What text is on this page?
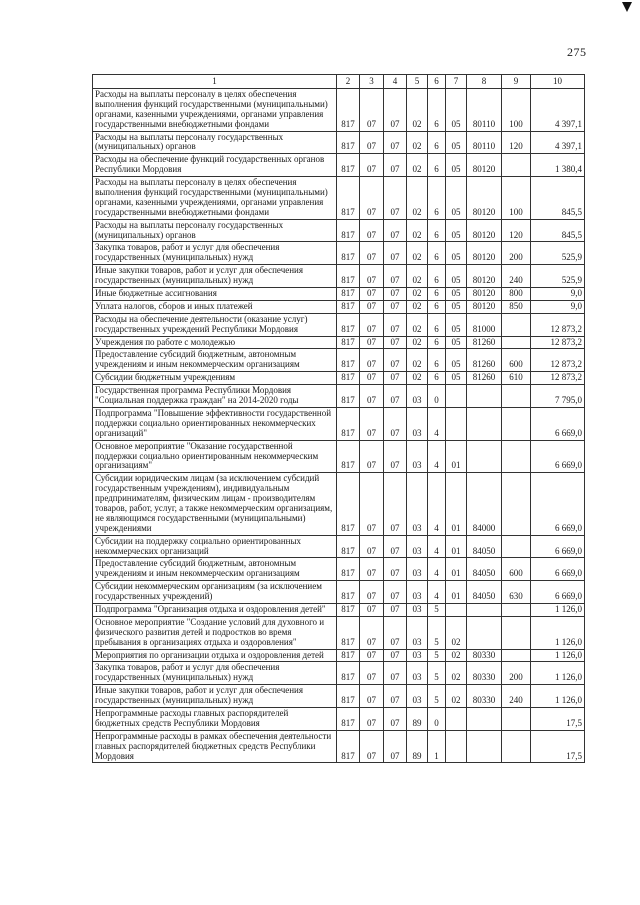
275
1	2	3	4	5	6	7	8	9	10
Расходы на выплаты персоналу в целях обеспечения выполнения функций государственными (муниципальными) органами, казенными учреждениями, органами управления государственными внебюджетными фондами	817	07	07	02	6	05	80110	100	4 397,1
Расходы на выплаты персоналу государственных (муниципальных) органов	817	07	07	02	6	05	80110	120	4 397,1
Расходы на обеспечение функций государственных органов Республики Мордовия	817	07	07	02	6	05	80120		1 380,4
Расходы на выплаты персоналу в целях обеспечения выполнения функций государственными (муниципальными) органами, казенными учреждениями, органами управления государственными внебюджетными фондами	817	07	07	02	6	05	80120	100	845,5
Расходы на выплаты персоналу государственных (муниципальных) органов	817	07	07	02	6	05	80120	120	845,5
Закупка товаров, работ и услуг для обеспечения государственных (муниципальных) нужд	817	07	07	02	6	05	80120	200	525,9
Иные закупки товаров, работ и услуг для обеспечения государственных (муниципальных) нужд	817	07	07	02	6	05	80120	240	525,9
Иные бюджетные ассигнования	817	07	07	02	6	05	80120	800	9,0
Уплата налогов, сборов и иных платежей	817	07	07	02	6	05	80120	850	9,0
Расходы на обеспечение деятельности (оказание услуг) государственных учреждений Республики Мордовия	817	07	07	02	6	05	81000		12 873,2
Учреждения по работе с молодежью	817	07	07	02	6	05	81260		12 873,2
Предоставление субсидий бюджетным, автономным учреждениям и иным некоммерческим организациям	817	07	07	02	6	05	81260	600	12 873,2
Субсидии бюджетным учреждениям	817	07	07	02	6	05	81260	610	12 873,2
Государственная программа Республики Мордовия "Социальная поддержка граждан" на 2014-2020 годы	817	07	07	03	0				7 795,0
Подпрограмма "Повышение эффективности государственной поддержки социально ориентированных некоммерческих организаций"	817	07	07	03	4				6 669,0
Основное мероприятие "Оказание государственной поддержки социально ориентированным некоммерческим организациям"	817	07	07	03	4	01			6 669,0
Субсидии юридическим лицам (за исключением субсидий государственным учреждениям), индивидуальным предпринимателям, физическим лицам - производителям товаров, работ, услуг, а также некоммерческим организациям, не являющимся государственными (муниципальными) учреждениями	817	07	07	03	4	01	84000		6 669,0
Субсидии на поддержку социально ориентированных некоммерческих организаций	817	07	07	03	4	01	84050		6 669,0
Предоставление субсидий бюджетным, автономным учреждениям и иным некоммерческим организациям	817	07	07	03	4	01	84050	600	6 669,0
Субсидии некоммерческим организациям (за исключением государственных учреждений)	817	07	07	03	4	01	84050	630	6 669,0
Подпрограмма "Организация отдыха и оздоровления детей"	817	07	07	03	5				1 126,0
Основное мероприятие "Создание условий для духовного и физического развития детей и подростков во время пребывания в организациях отдыха и оздоровления"	817	07	07	03	5	02			1 126,0
Мероприятия по организации отдыха и оздоровления детей	817	07	07	03	5	02	80330		1 126,0
Закупка товаров, работ и услуг для обеспечения государственных (муниципальных) нужд	817	07	07	03	5	02	80330	200	1 126,0
Иные закупки товаров, работ и услуг для обеспечения государственных (муниципальных) нужд	817	07	07	03	5	02	80330	240	1 126,0
Непрограммные расходы главных распорядителей бюджетных средств Республики Мордовия	817	07	07	89	0				17,5
Непрограммные расходы в рамках обеспечения деятельности главных распорядителей бюджетных средств Республики Мордовия	817	07	07	89	1				17,5
